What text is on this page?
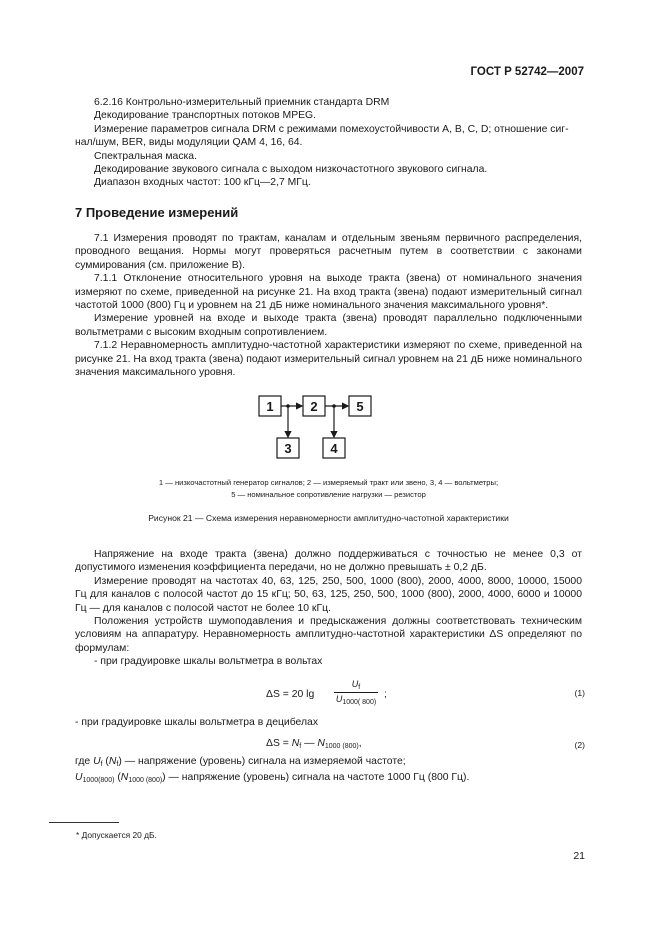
ГОСТ Р 52742—2007
6.2.16 Контрольно-измерительный приемник стандарта DRM
Декодирование транспортных потоков MPEG.
Измерение параметров сигнала DRM с режимами помехоустойчивости A, B, C, D; отношение сиг-
нал/шум, BER, виды модуляции QAM 4, 16, 64.
Спектральная маска.
Декодирование звукового сигнала с выходом низкочастотного звукового сигнала.
Диапазон входных частот: 100 кГц—2,7 МГц.
7 Проведение измерений

7.1 Измерения проводят по трактам, каналам и отдельным звеньям первичного распределения, проводного вещания. Нормы могут проверяться расчетным путем в соответствии с законами суммирования (см. приложение В).

7.1.1 Отклонение относительного уровня на выходе тракта (звена) от номинального значения измеряют по схеме, приведенной на рисунке 21. На вход тракта (звена) подают измерительный сигнал частотой 1000 (800) Гц и уровнем на 21 дБ ниже номинального значения максимального уровня*.

Измерение уровней на входе и выходе тракта (звена) проводят параллельно подключенными вольтметрами с высоким входным сопротивлением.

7.1.2 Неравномерность амплитудно-частотной характеристики измеряют по схеме, приведенной на рисунке 21. На вход тракта (звена) подают измерительный сигнал уровнем на 21 дБ ниже номинального значения максимального уровня.

1	2	5
3	4
1 — низкочастотный генератор сигналов; 2 — измеряемый тракт или звено, 3, 4 — вольтметры;
5 — номинальное сопротивление нагрузки — резистор
Рисунок 21 — Схема измерения неравномерности амплитудно-частотной характеристики

Напряжение на входе тракта (звена) должно поддерживаться с точностью не менее 0,3 от допустимого изменения коэффициента передачи, но не должно превышать ± 0,2 дБ.

Измерение проводят на частотах 40, 63, 125, 250, 500, 1000 (800), 2000, 4000, 8000, 10000, 15000 Гц для каналов с полосой частот до 15 кГц; 50, 63, 125, 250, 500, 1000 (800), 2000, 4000, 6000 и 10000 Гц — для каналов с полосой частот не более 10 кГц.

Положения устройств шумоподавления и предыскажения должны соответствовать техническим условиям на аппаратуру. Неравномерность амплитудно-частотной характеристики ΔS определяют по формулам:

- при градуировке шкалы вольтметра в вольтах

ΔS = 20 lg
$U_f$
$U_{1000( 800)}$
;	(1)
- при градуировке шкалы вольтметра в децибелах
$\Delta S = N_f$ — $N_{1000 (800)}$,	(2)
где $U_f$ $(N_f)$ — напряжение (уровень) сигнала на измеряемой частоте;
$U_{1000(800)}$ $(N_{1000 (800)})$ — напряжение (уровень) сигнала на частоте 1000 Гц (800 Гц).
* Допускается 20 дБ.
21
